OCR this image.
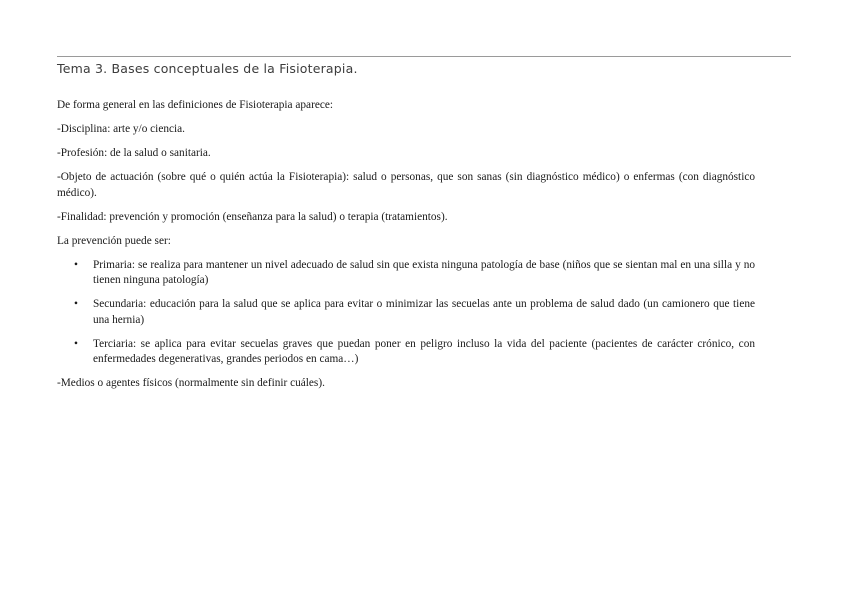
Tema 3. Bases conceptuales de la Fisioterapia.

De forma general en las definiciones de Fisioterapia aparece:

-Disciplina: arte y/o ciencia.

-Profesión: de la salud o sanitaria.

-Objeto de actuación (sobre qué o quién actúa la Fisioterapia): salud o personas, que son sanas (sin diagnóstico médico) o enfermas (con diagnóstico médico).

-Finalidad: prevención y promoción (enseñanza para la salud) o terapia (tratamientos).

La prevención puede ser:

• Primaria: se realiza para mantener un nivel adecuado de salud sin que exista ninguna patología de base (niños que se sientan mal en una silla y no tienen ninguna patología)
• Secundaria: educación para la salud que se aplica para evitar o minimizar las secuelas ante un problema de salud dado (un camionero que tiene una hernia)
• Terciaria: se aplica para evitar secuelas graves que puedan poner en peligro incluso la vida del paciente (pacientes de carácter crónico, con enfermedades degenerativas, grandes periodos en cama…)

-Medios o agentes físicos (normalmente sin definir cuáles).
